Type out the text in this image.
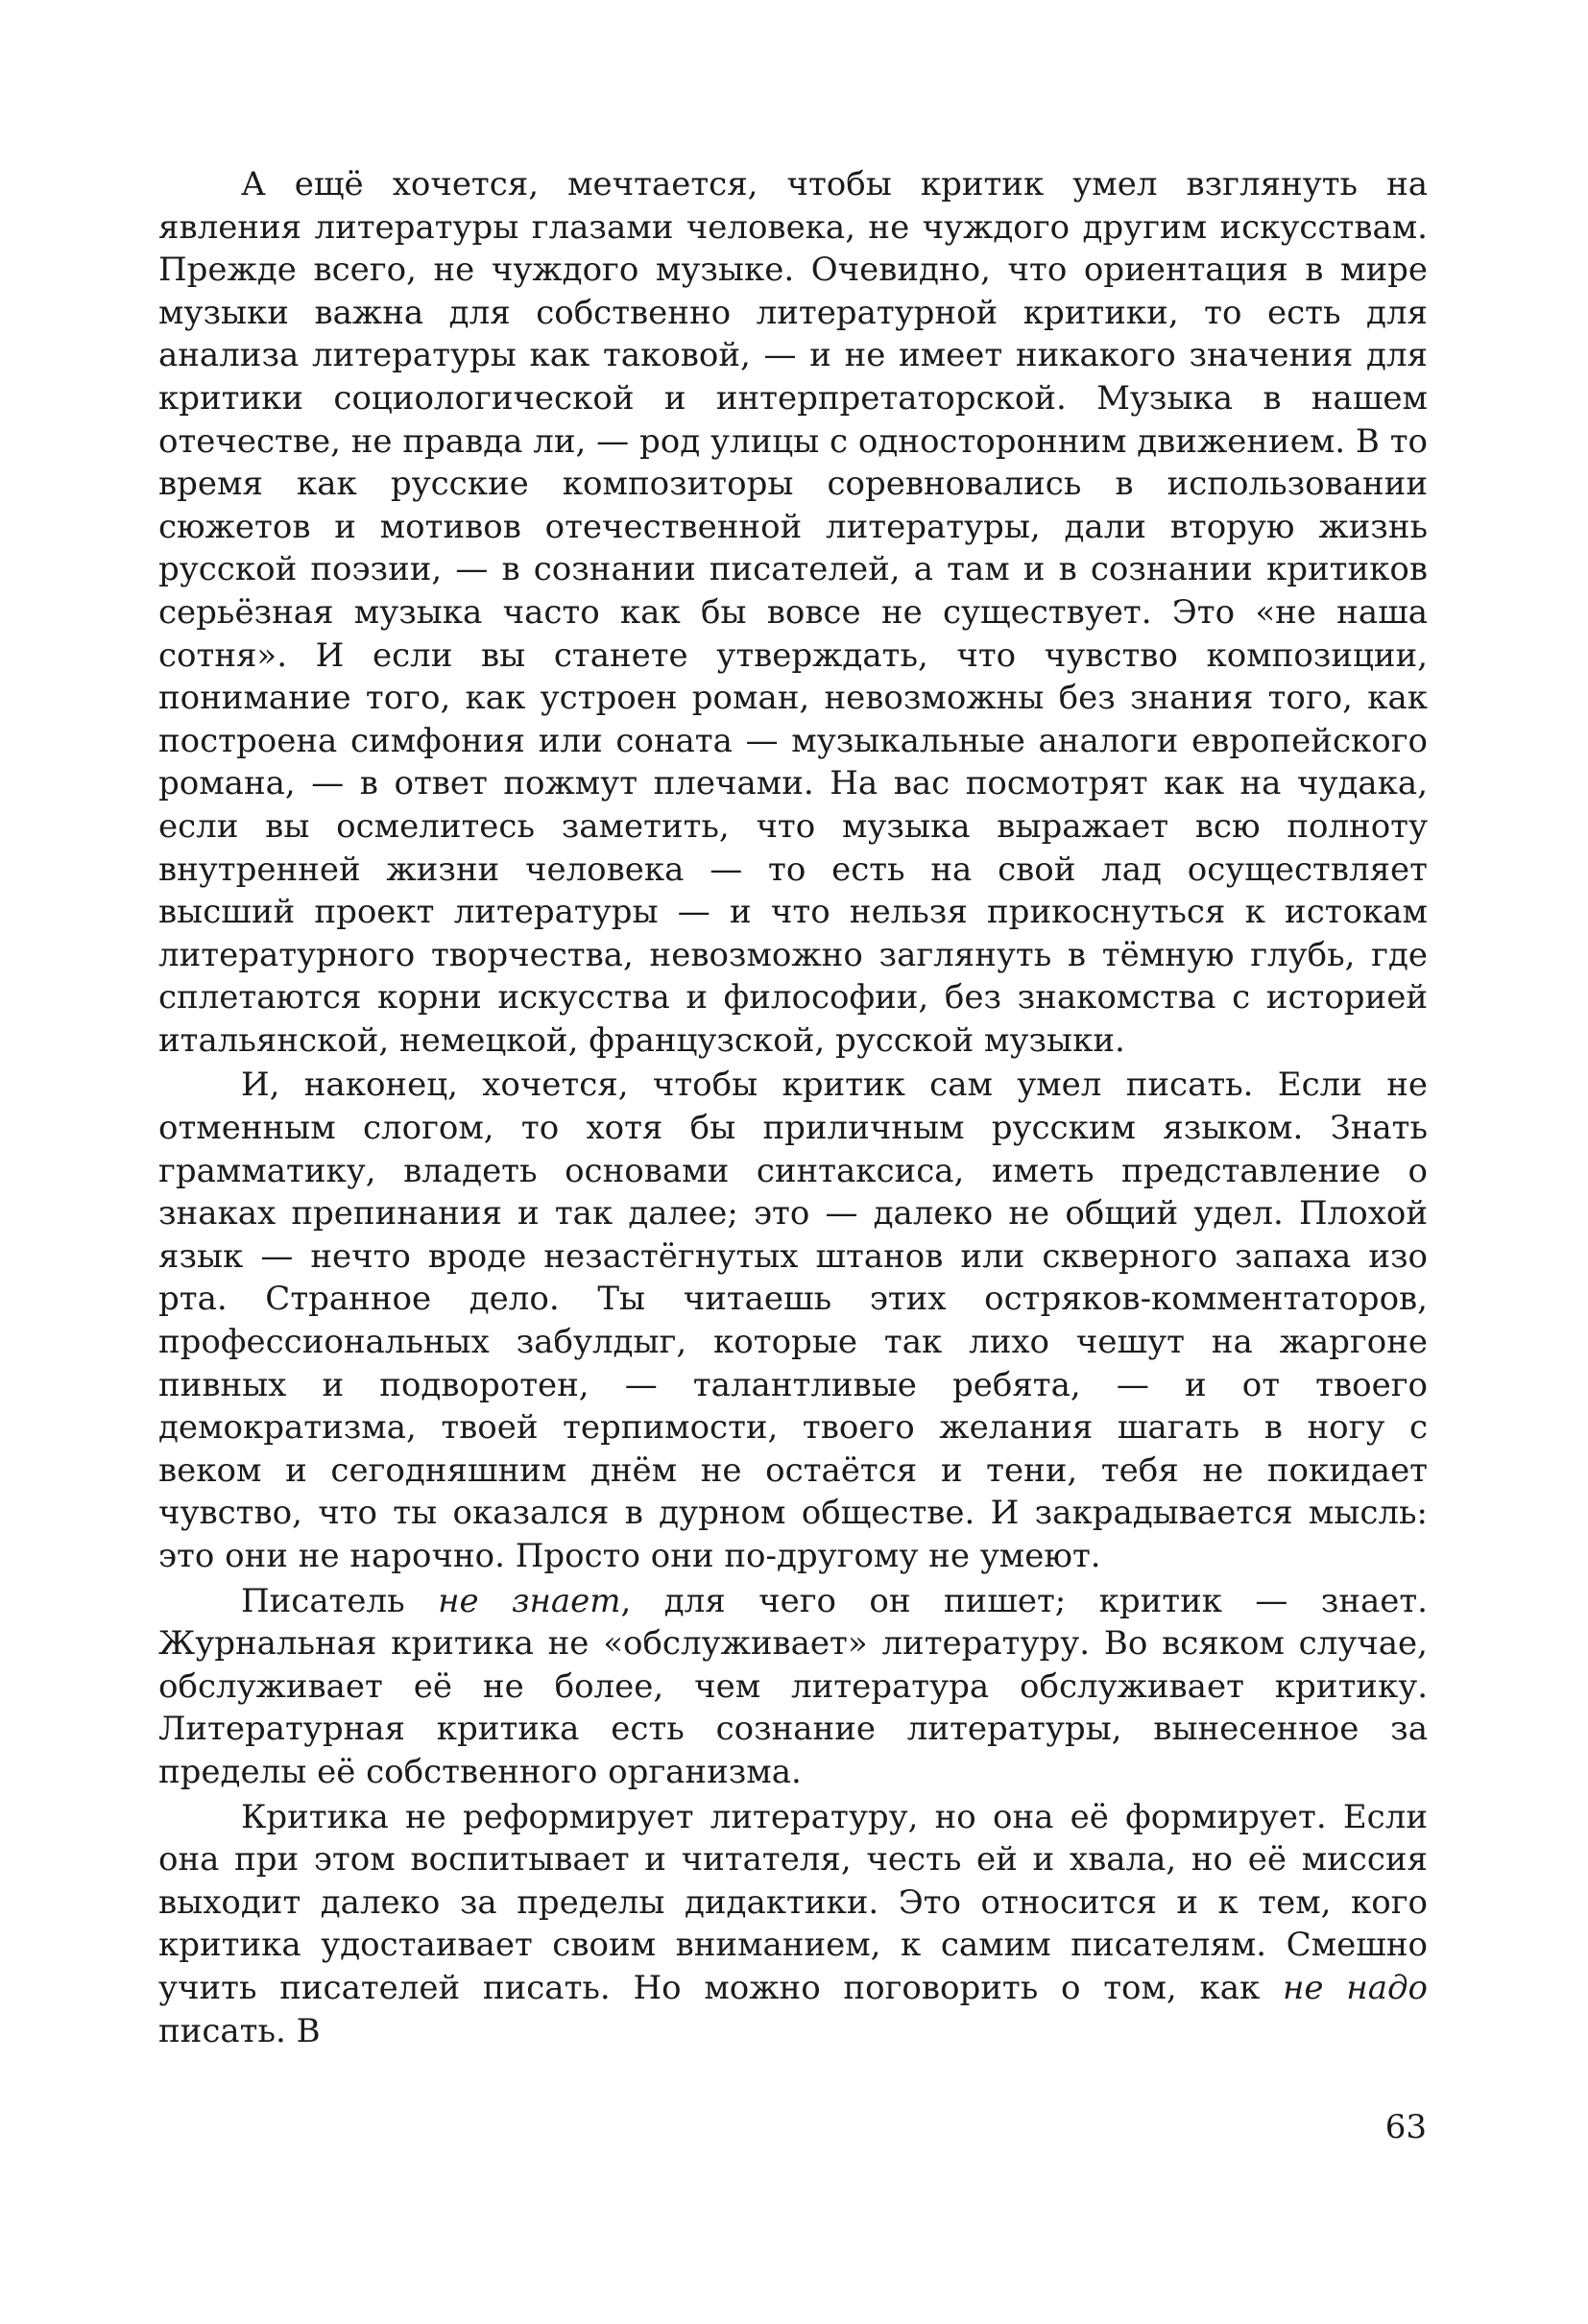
А ещё хочется, мечтается, чтобы критик умел взглянуть на явления литературы глазами человека, не чуждого другим искусствам. Прежде всего, не чуждого музыке. Очевидно, что ориентация в мире музыки важна для собственно литературной критики, то есть для анализа литературы как таковой, — и не имеет никакого значения для критики социологической и интерпретаторской. Музыка в нашем отечестве, не правда ли, — род улицы с односторонним движением. В то время как русские композиторы соревновались в использовании сюжетов и мотивов отечественной литературы, дали вторую жизнь русской поэзии, — в сознании писателей, а там и в сознании критиков серьёзная музыка часто как бы вовсе не существует. Это «не наша сотня». И если вы станете утверждать, что чувство композиции, понимание того, как устроен роман, невозможны без знания того, как построена симфония или соната — музыкальные аналоги европейского романа, — в ответ пожмут плечами. На вас посмотрят как на чудака, если вы осмелитесь заметить, что музыка выражает всю полноту внутренней жизни человека — то есть на свой лад осуществляет высший проект литературы — и что нельзя прикоснуться к истокам литературного творчества, невозможно заглянуть в тёмную глубь, где сплетаются корни искусства и философии, без знакомства с историей итальянской, немецкой, французской, русской музыки.

И, наконец, хочется, чтобы критик сам умел писать. Если не отменным слогом, то хотя бы приличным русским языком. Знать грамматику, владеть основами синтаксиса, иметь представление о знаках препинания и так далее; это — далеко не общий удел. Плохой язык — нечто вроде незастёгнутых штанов или скверного запаха изо рта. Странное дело. Ты читаешь этих остряков-комментаторов, профессиональных забулдыг, которые так лихо чешут на жаргоне пивных и подворотен, — талантливые ребята, — и от твоего демократизма, твоей терпимости, твоего желания шагать в ногу с веком и сегодняшним днём не остаётся и тени, тебя не покидает чувство, что ты оказался в дурном обществе. И закрадывается мысль: это они не нарочно. Просто они по-другому не умеют.

Писатель не знает, для чего он пишет; критик — знает. Журнальная критика не «обслуживает» литературу. Во всяком случае, обслуживает её не более, чем литература обслуживает критику. Литературная критика есть сознание литературы, вынесенное за пределы её собственного организма.

Критика не реформирует литературу, но она её формирует. Если она при этом воспитывает и читателя, честь ей и хвала, но её миссия выходит далеко за пределы дидактики. Это относится и к тем, кого критика удостаивает своим вниманием, к самим писателям. Смешно учить писателей писать. Но можно поговорить о том, как не надо писать. В

63
